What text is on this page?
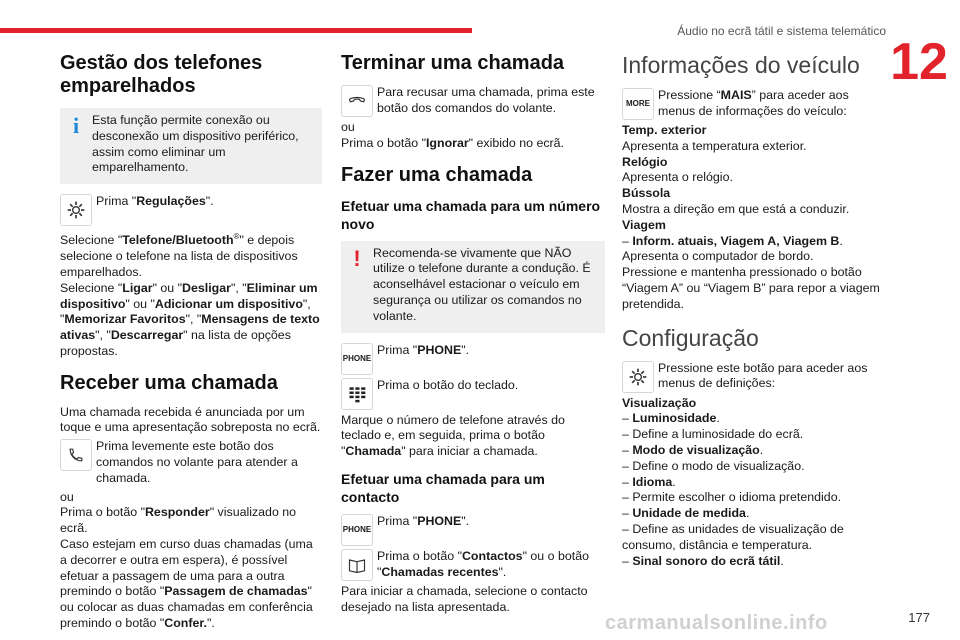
Áudio no ecrã tátil e sistema telemático
12
carmanualsonline.info	177
Gestão dos telefones emparelhados
i	Esta função permite conexão ou desconexão um dispositivo periférico, assim como eliminar um emparelhamento.

Prima "Regulações".

Selecione "Telefone/Bluetooth®" e depois selecione o telefone na lista de dispositivos emparelhados.

Selecione "Ligar" ou "Desligar", "Eliminar um dispositivo" ou "Adicionar um dispositivo", "Memorizar Favoritos", "Mensagens de texto ativas", "Descarregar" na lista de opções propostas.

Receber uma chamada

Uma chamada recebida é anunciada por um toque e uma apresentação sobreposta no ecrã.

Prima levemente este botão dos comandos no volante para atender a chamada.

ou

Prima o botão "Responder" visualizado no ecrã.

Caso estejam em curso duas chamadas (uma a decorrer e outra em espera), é possível efetuar a passagem de uma para a outra premindo o botão "Passagem de chamadas" ou colocar as duas chamadas em conferência premindo o botão "Confer.".

Terminar uma chamada

Para recusar uma chamada, prima este botão dos comandos do volante.

ou

Prima o botão "Ignorar" exibido no ecrã.

Fazer uma chamada
Efetuar uma chamada para um número novo
! Recomenda-se vivamente que NÃO utilize o telefone durante a condução. É aconselhável estacionar o veículo em segurança ou utilizar os comandos no volante.
PHONE

Prima "PHONE".

Prima o botão do teclado.

Marque o número de telefone através do teclado e, em seguida, prima o botão "Chamada" para iniciar a chamada.

Efetuar uma chamada para um contacto
PHONE

Prima "PHONE".

Prima o botão "Contactos" ou o botão "Chamadas recentes".

Para iniciar a chamada, selecione o contacto desejado na lista apresentada.

Informações do veículo
MORE

Pressione “MAIS” para aceder aos menus de informações do veículo:

Temp. exterior

Apresenta a temperatura exterior.

Relógio

Apresenta o relógio.

Bússola

Mostra a direção em que está a conduzir.

Viagem

– Inform. atuais, Viagem A, Viagem B.

Apresenta o computador de bordo.

Pressione e mantenha pressionado o botão “Viagem A” ou “Viagem B” para repor a viagem pretendida.

Configuração

Pressione este botão para aceder aos menus de definições:

Visualização

– Luminosidade.

– Define a luminosidade do ecrã.

– Modo de visualização.

– Define o modo de visualização.

– Idioma.

– Permite escolher o idioma pretendido.

– Unidade de medida.

– Define as unidades de visualização de consumo, distância e temperatura.

– Sinal sonoro do ecrã tátil.
